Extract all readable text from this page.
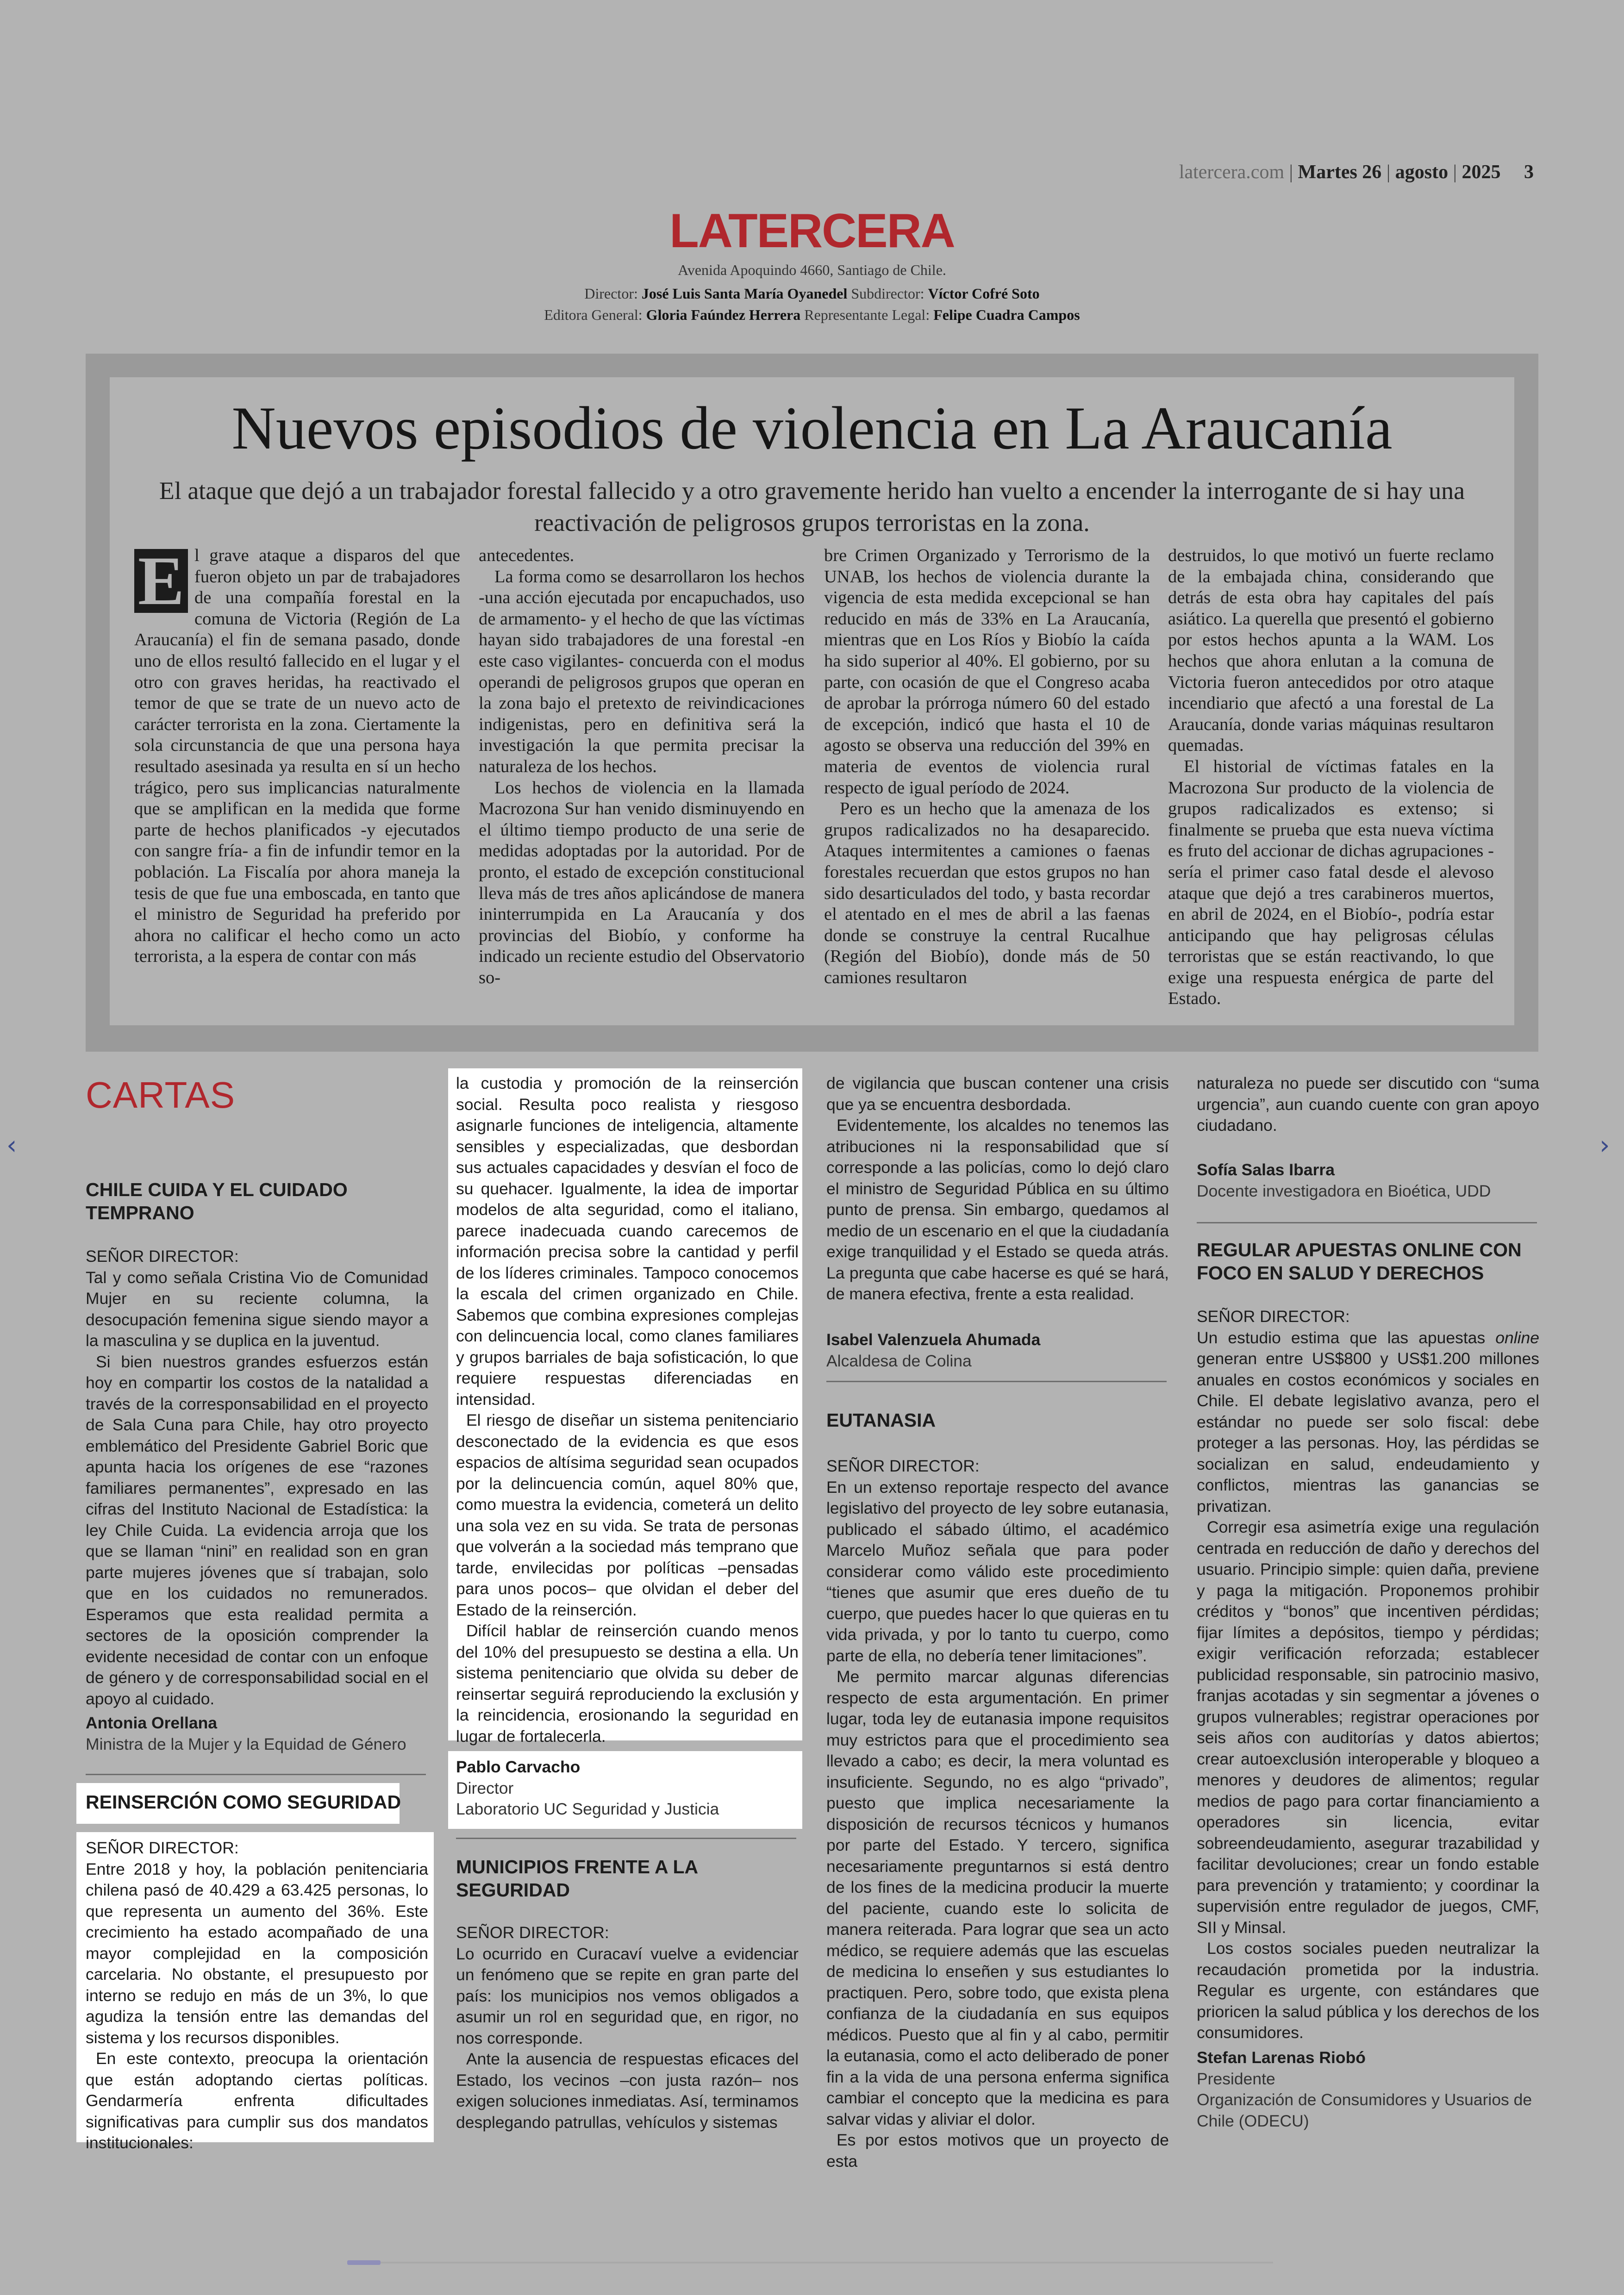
latercera.com | Martes 26 | agosto | 2025 3
LATERCERA
Avenida Apoquindo 4660, Santiago de Chile.
Director: José Luis Santa María Oyanedel Subdirector: Víctor Cofré Soto
Editora General: Gloria Faúndez Herrera Representante Legal: Felipe Cuadra Campos
Nuevos episodios de violencia en La Araucanía
El ataque que dejó a un trabajador forestal fallecido y a otro gravemente herido han vuelto a encender la interrogante de si hay una reactivación de peligrosos grupos terroristas en la zona.

E l grave ataque a disparos del que fueron objeto un par de trabajadores de una compañía forestal en la comuna de Victoria (Región de La Araucanía) el fin de semana pasado, donde uno de ellos resultó fallecido en el lugar y el otro con graves heridas, ha reactivado el temor de que se trate de un nuevo acto de carácter terrorista en la zona. Ciertamente la sola circunstancia de que una persona haya resultado asesinada ya resulta en sí un hecho trágico, pero sus implicancias naturalmente que se amplifican en la medida que forme parte de hechos planificados -y ejecutados con sangre fría- a fin de infundir temor en la población. La Fiscalía por ahora maneja la tesis de que fue una emboscada, en tanto que el ministro de Seguridad ha preferido por ahora no calificar el hecho como un acto terrorista, a la espera de contar con más

antecedentes.

La forma como se desarrollaron los hechos -una acción ejecutada por encapuchados, uso de armamento- y el hecho de que las víctimas hayan sido trabajadores de una forestal -en este caso vigilantes- concuerda con el modus operandi de peligrosos grupos que operan en la zona bajo el pretexto de reivindicaciones indigenistas, pero en definitiva será la investigación la que permita precisar la naturaleza de los hechos.

Los hechos de violencia en la llamada Macrozona Sur han venido disminuyendo en el último tiempo producto de una serie de medidas adoptadas por la autoridad. Por de pronto, el estado de excepción constitucional lleva más de tres años aplicándose de manera ininterrumpida en La Araucanía y dos provincias del Biobío, y conforme ha indicado un reciente estudio del Observatorio so-

bre Crimen Organizado y Terrorismo de la UNAB, los hechos de violencia durante la vigencia de esta medida excepcional se han reducido en más de 33% en La Araucanía, mientras que en Los Ríos y Biobío la caída ha sido superior al 40%. El gobierno, por su parte, con ocasión de que el Congreso acaba de aprobar la prórroga número 60 del estado de excepción, indicó que hasta el 10 de agosto se observa una reducción del 39% en materia de eventos de violencia rural respecto de igual período de 2024.

Pero es un hecho que la amenaza de los grupos radicalizados no ha desaparecido. Ataques intermitentes a camiones o faenas forestales recuerdan que estos grupos no han sido desarticulados del todo, y basta recordar el atentado en el mes de abril a las faenas donde se construye la central Rucalhue (Región del Biobío), donde más de 50 camiones resultaron

destruidos, lo que motivó un fuerte reclamo de la embajada china, considerando que detrás de esta obra hay capitales del país asiático. La querella que presentó el gobierno por estos hechos apunta a la WAM. Los hechos que ahora enlutan a la comuna de Victoria fueron antecedidos por otro ataque incendiario que afectó a una forestal de La Araucanía, donde varias máquinas resultaron quemadas.

El historial de víctimas fatales en la Macrozona Sur producto de la violencia de grupos radicalizados es extenso; si finalmente se prueba que esta nueva víctima es fruto del accionar de dichas agrupaciones -sería el primer caso fatal desde el alevoso ataque que dejó a tres carabineros muertos, en abril de 2024, en el Biobío-, podría estar anticipando que hay peligrosas células terroristas que se están reactivando, lo que exige una respuesta enérgica de parte del Estado.

CARTAS
CHILE CUIDA Y EL CUIDADO TEMPRANO
SEÑOR DIRECTOR:

Tal y como señala Cristina Vio de Comunidad Mujer en su reciente columna, la desocupación femenina sigue siendo mayor a la masculina y se duplica en la juventud.

Si bien nuestros grandes esfuerzos están hoy en compartir los costos de la natalidad a través de la corresponsabilidad en el proyecto de Sala Cuna para Chile, hay otro proyecto emblemático del Presidente Gabriel Boric que apunta hacia los orígenes de ese “razones familiares permanentes”, expresado en las cifras del Instituto Nacional de Estadística: la ley Chile Cuida. La evidencia arroja que los que se llaman “nini” en realidad son en gran parte mujeres jóvenes que sí trabajan, solo que en los cuidados no remunerados. Esperamos que esta realidad permita a sectores de la oposición comprender la evidente necesidad de contar con un enfoque de género y de corresponsabilidad social en el apoyo al cuidado.

Antonia Orellana
Ministra de la Mujer y la Equidad de Género
REINSERCIÓN COMO SEGURIDAD
SEÑOR DIRECTOR:

Entre 2018 y hoy, la población penitenciaria chilena pasó de 40.429 a 63.425 personas, lo que representa un aumento del 36%. Este crecimiento ha estado acompañado de una mayor complejidad en la composición carcelaria. No obstante, el presupuesto por interno se redujo en más de un 3%, lo que agudiza la tensión entre las demandas del sistema y los recursos disponibles.

En este contexto, preocupa la orientación que están adoptando ciertas políticas. Gendarmería enfrenta dificultades significativas para cumplir sus dos mandatos institucionales:

la custodia y promoción de la reinserción social. Resulta poco realista y riesgoso asignarle funciones de inteligencia, altamente sensibles y especializadas, que desbordan sus actuales capacidades y desvían el foco de su quehacer. Igualmente, la idea de importar modelos de alta seguridad, como el italiano, parece inadecuada cuando carecemos de información precisa sobre la cantidad y perfil de los líderes criminales. Tampoco conocemos la escala del crimen organizado en Chile. Sabemos que combina expresiones complejas con delincuencia local, como clanes familiares y grupos barriales de baja sofisticación, lo que requiere respuestas diferenciadas en intensidad.

El riesgo de diseñar un sistema penitenciario desconectado de la evidencia es que esos espacios de altísima seguridad sean ocupados por la delincuencia común, aquel 80% que, como muestra la evidencia, cometerá un delito una sola vez en su vida. Se trata de personas que volverán a la sociedad más temprano que tarde, envilecidas por políticas –pensadas para unos pocos– que olvidan el deber del Estado de la reinserción.

Difícil hablar de reinserción cuando menos del 10% del presupuesto se destina a ella. Un sistema penitenciario que olvida su deber de reinsertar seguirá reproduciendo la exclusión y la reincidencia, erosionando la seguridad en lugar de fortalecerla.

Pablo Carvacho
Director
Laboratorio UC Seguridad y Justicia
MUNICIPIOS FRENTE A LA SEGURIDAD
SEÑOR DIRECTOR:

Lo ocurrido en Curacaví vuelve a evidenciar un fenómeno que se repite en gran parte del país: los municipios nos vemos obligados a asumir un rol en seguridad que, en rigor, no nos corresponde.

Ante la ausencia de respuestas eficaces del Estado, los vecinos –con justa razón– nos exigen soluciones inmediatas. Así, terminamos desplegando patrullas, vehículos y sistemas

de vigilancia que buscan contener una crisis que ya se encuentra desbordada.

Evidentemente, los alcaldes no tenemos las atribuciones ni la responsabilidad que sí corresponde a las policías, como lo dejó claro el ministro de Seguridad Pública en su último punto de prensa. Sin embargo, quedamos al medio de un escenario en el que la ciudadanía exige tranquilidad y el Estado se queda atrás. La pregunta que cabe hacerse es qué se hará, de manera efectiva, frente a esta realidad.

Isabel Valenzuela Ahumada
Alcaldesa de Colina
EUTANASIA
SEÑOR DIRECTOR:

En un extenso reportaje respecto del avance legislativo del proyecto de ley sobre eutanasia, publicado el sábado último, el académico Marcelo Muñoz señala que para poder considerar como válido este procedimiento “tienes que asumir que eres dueño de tu cuerpo, que puedes hacer lo que quieras en tu vida privada, y por lo tanto tu cuerpo, como parte de ella, no debería tener limitaciones”.

Me permito marcar algunas diferencias respecto de esta argumentación. En primer lugar, toda ley de eutanasia impone requisitos muy estrictos para que el procedimiento sea llevado a cabo; es decir, la mera voluntad es insuficiente. Segundo, no es algo “privado”, puesto que implica necesariamente la disposición de recursos técnicos y humanos por parte del Estado. Y tercero, significa necesariamente preguntarnos si está dentro de los fines de la medicina producir la muerte del paciente, cuando este lo solicita de manera reiterada. Para lograr que sea un acto médico, se requiere además que las escuelas de medicina lo enseñen y sus estudiantes lo practiquen. Pero, sobre todo, que exista plena confianza de la ciudadanía en sus equipos médicos. Puesto que al fin y al cabo, permitir la eutanasia, como el acto deliberado de poner fin a la vida de una persona enferma significa cambiar el concepto que la medicina es para salvar vidas y aliviar el dolor.

Es por estos motivos que un proyecto de esta

naturaleza no puede ser discutido con “suma urgencia”, aun cuando cuente con gran apoyo ciudadano.

Sofía Salas Ibarra
Docente investigadora en Bioética, UDD
REGULAR APUESTAS ONLINE CON FOCO EN SALUD Y DERECHOS
SEÑOR DIRECTOR:

Un estudio estima que las apuestas online generan entre US$800 y US$1.200 millones anuales en costos económicos y sociales en Chile. El debate legislativo avanza, pero el estándar no puede ser solo fiscal: debe proteger a las personas. Hoy, las pérdidas se socializan en salud, endeudamiento y conflictos, mientras las ganancias se privatizan.

Corregir esa asimetría exige una regulación centrada en reducción de daño y derechos del usuario. Principio simple: quien daña, previene y paga la mitigación. Proponemos prohibir créditos y “bonos” que incentiven pérdidas; fijar límites a depósitos, tiempo y pérdidas; exigir verificación reforzada; establecer publicidad responsable, sin patrocinio masivo, franjas acotadas y sin segmentar a jóvenes o grupos vulnerables; registrar operaciones por seis años con auditorías y datos abiertos; crear autoexclusión interoperable y bloqueo a menores y deudores de alimentos; regular medios de pago para cortar financiamiento a operadores sin licencia, evitar sobreendeudamiento, asegurar trazabilidad y facilitar devoluciones; crear un fondo estable para prevención y tratamiento; y coordinar la supervisión entre regulador de juegos, CMF, SII y Minsal.

Los costos sociales pueden neutralizar la recaudación prometida por la industria. Regular es urgente, con estándares que prioricen la salud pública y los derechos de los consumidores.

Stefan Larenas Riobó
Presidente
Organización de Consumidores y Usuarios de Chile (ODECU)
‹	›
